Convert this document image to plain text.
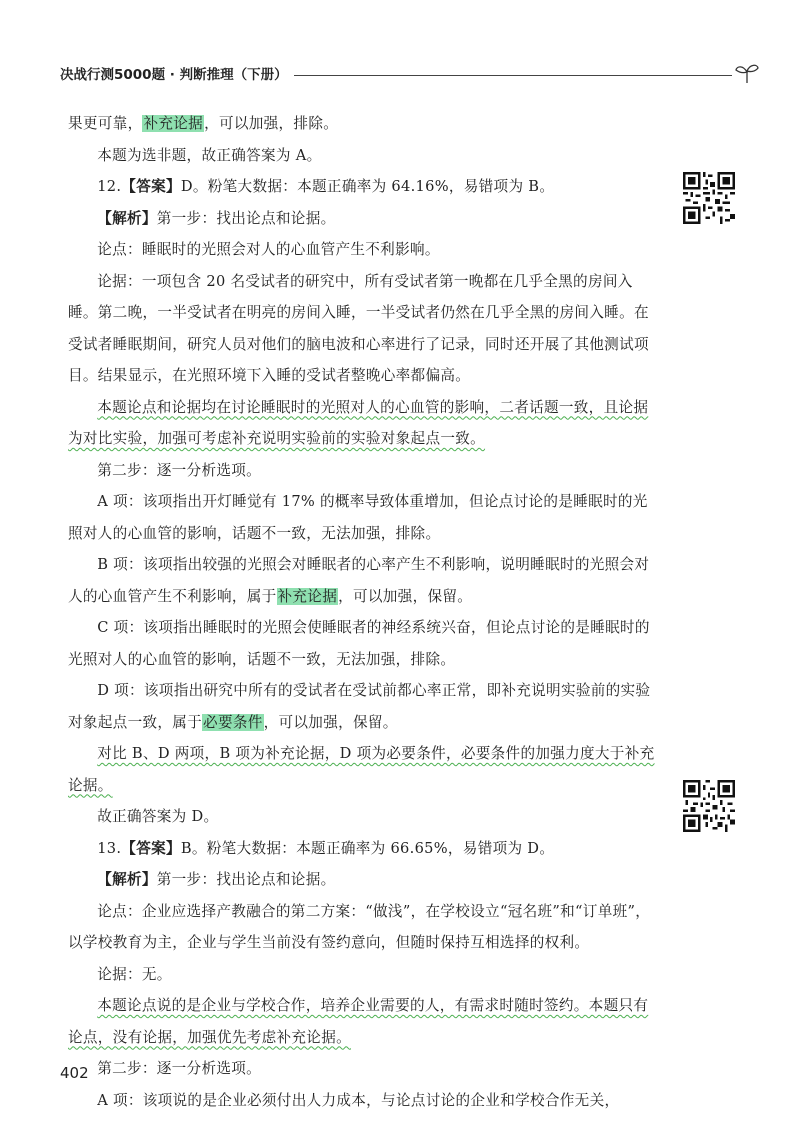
决战行测5000题 · 判断推理（下册）

果更可靠，补充论据，可以加强，排除。

本题为选非题，故正确答案为 A。

12.【答案】D。粉笔大数据：本题正确率为 64.16%，易错项为 B。

【解析】第一步：找出论点和论据。

论点：睡眠时的光照会对人的心血管产生不利影响。

论据：一项包含 20 名受试者的研究中，所有受试者第一晚都在几乎全黑的房间入睡。第二晚，一半受试者在明亮的房间入睡，一半受试者仍然在几乎全黑的房间入睡。在受试者睡眠期间，研究人员对他们的脑电波和心率进行了记录，同时还开展了其他测试项目。结果显示，在光照环境下入睡的受试者整晚心率都偏高。

本题论点和论据均在讨论睡眠时的光照对人的心血管的影响，二者话题一致，且论据为对比实验，加强可考虑补充说明实验前的实验对象起点一致。

第二步：逐一分析选项。

A 项：该项指出开灯睡觉有 17% 的概率导致体重增加，但论点讨论的是睡眠时的光照对人的心血管的影响，话题不一致，无法加强，排除。

B 项：该项指出较强的光照会对睡眠者的心率产生不利影响，说明睡眠时的光照会对人的心血管产生不利影响，属于补充论据，可以加强，保留。

C 项：该项指出睡眠时的光照会使睡眠者的神经系统兴奋，但论点讨论的是睡眠时的光照对人的心血管的影响，话题不一致，无法加强，排除。

D 项：该项指出研究中所有的受试者在受试前都心率正常，即补充说明实验前的实验对象起点一致，属于必要条件，可以加强，保留。

对比 B、D 两项，B 项为补充论据，D 项为必要条件，必要条件的加强力度大于补充论据。

故正确答案为 D。

13.【答案】B。粉笔大数据：本题正确率为 66.65%，易错项为 D。

【解析】第一步：找出论点和论据。

论点：企业应选择产教融合的第二方案：“做浅”，在学校设立“冠名班”和“订单班”，以学校教育为主，企业与学生当前没有签约意向，但随时保持互相选择的权利。

论据：无。

本题论点说的是企业与学校合作，培养企业需要的人，有需求时随时签约。本题只有论点，没有论据，加强优先考虑补充论据。

第二步：逐一分析选项。

A 项：该项说的是企业必须付出人力成本，与论点讨论的企业和学校合作无关，

402
